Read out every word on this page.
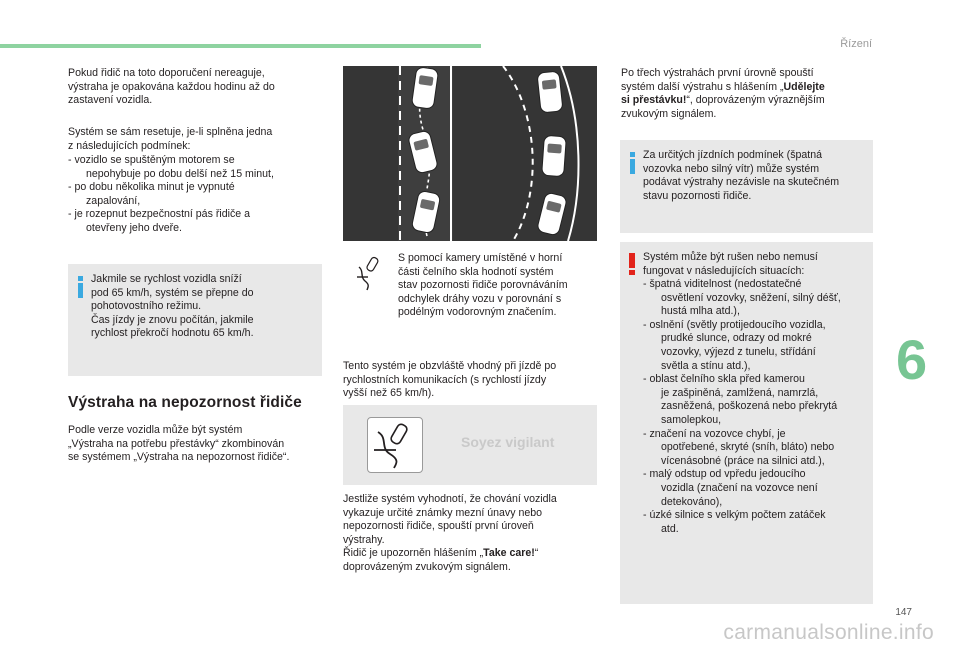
Řízení
6
147
carmanualsonline.info

Pokud řidič na toto doporučení nereaguje,
výstraha je opakována každou hodinu až do
zastavení vozidla.

Systém se sám resetuje, je-li splněna jedna
z následujících podmínek:

- vozidlo se spuštěným motorem se
nepohybuje po dobu delší než 15 minut,

- po dobu několika minut je vypnuté
zapalování,

- je rozepnut bezpečnostní pás řidiče a
otevřeny jeho dveře.

Jakmile se rychlost vozidla sníží
pod 65 km/h, systém se přepne do
pohotovostního režimu.
Čas jízdy je znovu počítán, jakmile
rychlost překročí hodnotu 65 km/h.

Výstraha na nepozornost řidiče

Podle verze vozidla může být systém
„Výstraha na potřebu přestávky“ zkombinován
se systémem „Výstraha na nepozornost řidiče“.

S pomocí kamery umístěné v horní
části čelního skla hodnotí systém
stav pozornosti řidiče porovnáváním
odchylek dráhy vozu v porovnání s
podélným vodorovným značením.

Tento systém je obzvláště vhodný při jízdě po
rychlostních komunikacích (s rychlostí jízdy
vyšší než 65 km/h).

Soyez vigilant

Jestliže systém vyhodnotí, že chování vozidla
vykazuje určité známky mezní únavy nebo
nepozornosti řidiče, spouští první úroveň
výstrahy.
Řidič je upozorněn hlášením „Take care!“
doprovázeným zvukovým signálem.

Po třech výstrahách první úrovně spouští
systém další výstrahu s hlášením „Udělejte
si přestávku!“, doprovázeným výraznějším
zvukovým signálem.

Za určitých jízdních podmínek (špatná
vozovka nebo silný vítr) může systém
podávat výstrahy nezávisle na skutečném
stavu pozornosti řidiče.

Systém může být rušen nebo nemusí
fungovat v následujících situacích:

- špatná viditelnost (nedostatečné
osvětlení vozovky, sněžení, silný déšť,
hustá mlha atd.),

- oslnění (světly protijedoucího vozidla,
prudké slunce, odrazy od mokré
vozovky, výjezd z tunelu, střídání
světla a stínu atd.),

- oblast čelního skla před kamerou
je zašpiněná, zamlžená, namrzlá,
zasněžená, poškozená nebo překrytá
samolepkou,

- značení na vozovce chybí, je
opotřebené, skryté (sníh, bláto) nebo
vícenásobné (práce na silnici atd.),

- malý odstup od vpředu jedoucího
vozidla (značení na vozovce není
detekováno),

- úzké silnice s velkým počtem zatáček
atd.
